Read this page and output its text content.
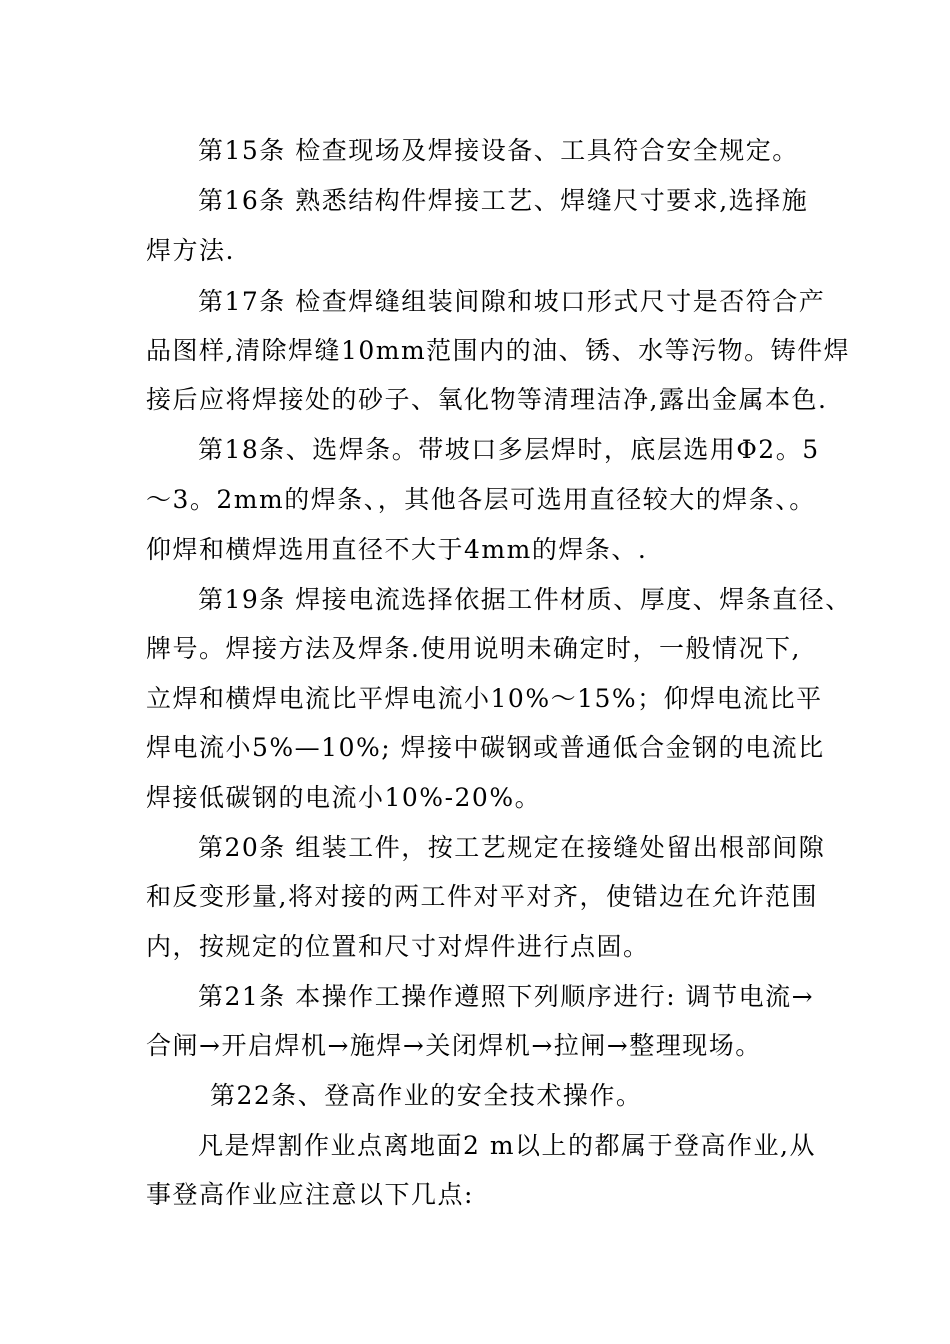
第15条 检查现场及焊接设备、工具符合安全规定。
第16条 熟悉结构件焊接工艺、焊缝尺寸要求,选择施
焊方法.
第17条 检查焊缝组装间隙和坡口形式尺寸是否符合产
品图样,清除焊缝10mm范围内的油、锈、水等污物。铸件焊
接后应将焊接处的砂子、氧化物等清理洁净,露出金属本色.
第18条、选焊条。带坡口多层焊时，底层选用Φ2。5
～3。2mm的焊条、，其他各层可选用直径较大的焊条、。
仰焊和横焊选用直径不大于4mm的焊条、.
第19条 焊接电流选择依据工件材质、厚度、焊条直径、
牌号。焊接方法及焊条.使用说明未确定时，一般情况下,
立焊和横焊电流比平焊电流小10%～15%；仰焊电流比平
焊电流小5%—10%; 焊接中碳钢或普通低合金钢的电流比
焊接低碳钢的电流小10%-20%。
第20条 组装工件，按工艺规定在接缝处留出根部间隙
和反变形量,将对接的两工件对平对齐，使错边在允许范围
内，按规定的位置和尺寸对焊件进行点固。
第21条 本操作工操作遵照下列顺序进行: 调节电流→
合闸→开启焊机→施焊→关闭焊机→拉闸→整理现场。
第22条、登高作业的安全技术操作。
凡是焊割作业点离地面2 m以上的都属于登高作业,从
事登高作业应注意以下几点:
